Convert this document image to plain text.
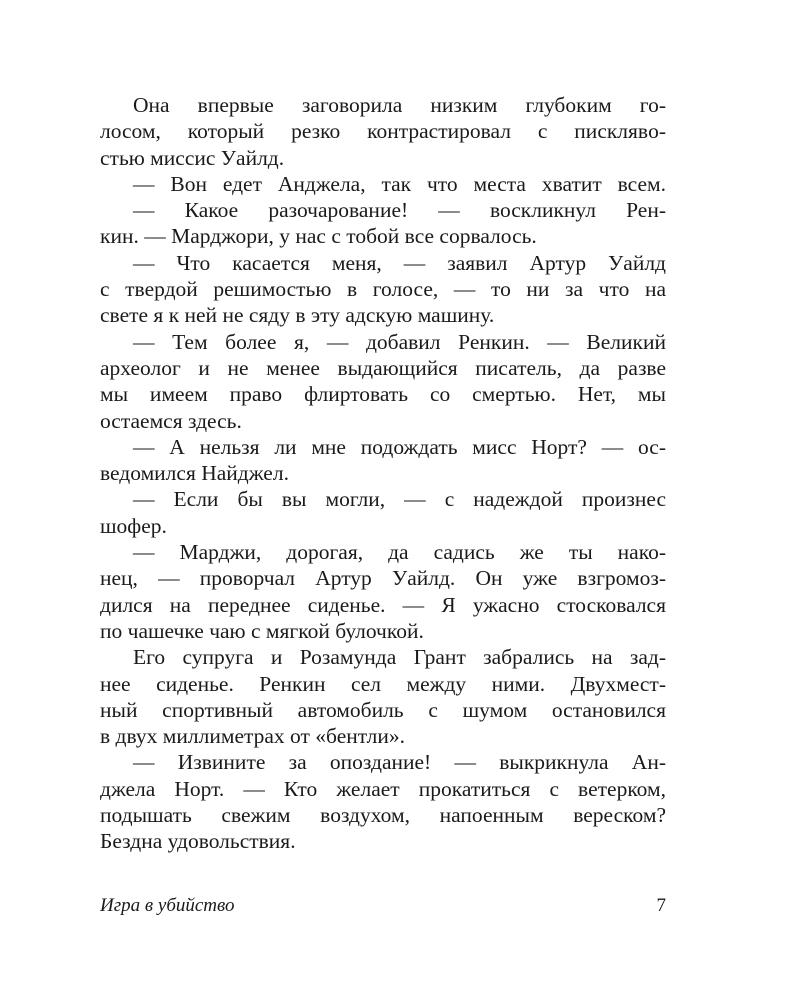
Она впервые заговорила низким глубоким го-
лосом, который резко контрастировал с писклявo-
стью миссис Уайлд.
— Вон едет Анджела, так что места хватит всем.
— Какое разочарование! — воскликнул Рен-
кин. — Марджори, у нас с тобой все сорвалось.
— Что касается меня, — заявил Артур Уайлд
с твердой решимостью в голосе, — то ни за что на
свете я к ней не сяду в эту адскую машину.
— Тем более я, — добавил Ренкин. — Великий
археолог и не менее выдающийся писатель, да разве
мы имеем право флиртовать со смертью. Нет, мы
остаемся здесь.
— А нельзя ли мне подождать мисс Норт? — ос-
ведомился Найджел.
— Если бы вы могли, — с надеждой произнес
шофер.
— Марджи, дорогая, да садись же ты нако-
нец, — проворчал Артур Уайлд. Он уже взгромоз-
дился на переднее сиденье. — Я ужасно стосковался
по чашечке чаю с мягкой булочкой.
Его супруга и Розамунда Грант забрались на зад-
нее сиденье. Ренкин сел между ними. Двухмест-
ный спортивный автомобиль с шумом остановился
в двух миллиметрах от «бентли».
— Извините за опоздание! — выкрикнула Ан-
джела Норт. — Кто желает прокатиться с ветерком,
подышать свежим воздухом, напоенным вереском?
Бездна удовольствия.
Игра в убийство	7
